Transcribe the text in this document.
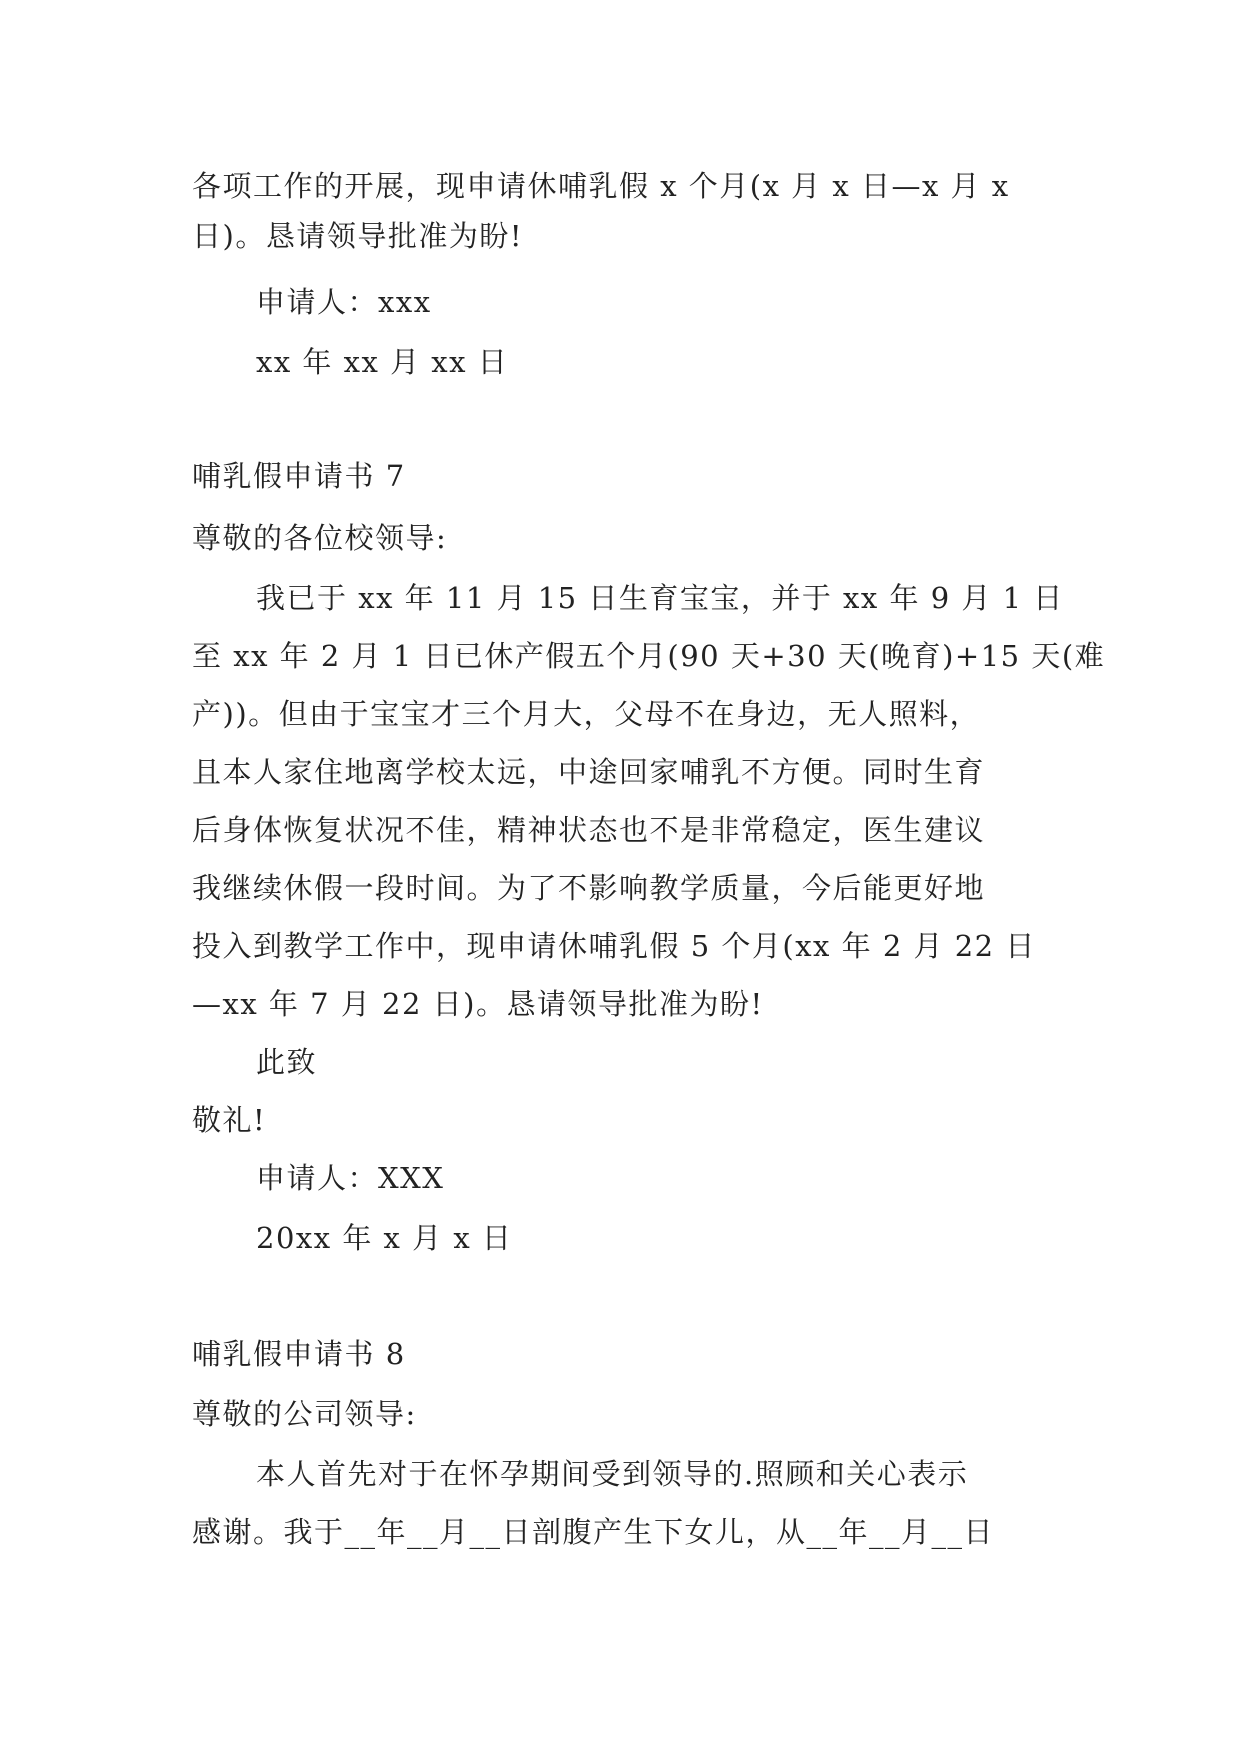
各项工作的开展，现申请休哺乳假 x 个月(x 月 x 日—x 月 x
日)。恳请领导批准为盼!
申请人：xxx
xx 年 xx 月 xx 日
哺乳假申请书 7
尊敬的各位校领导:
我已于 xx 年 11 月 15 日生育宝宝，并于 xx 年 9 月 1 日
至 xx 年 2 月 1 日已休产假五个月(90 天+30 天(晚育)+15 天(难
产))。但由于宝宝才三个月大，父母不在身边，无人照料，
且本人家住地离学校太远，中途回家哺乳不方便。同时生育
后身体恢复状况不佳，精神状态也不是非常稳定，医生建议
我继续休假一段时间。为了不影响教学质量，今后能更好地
投入到教学工作中，现申请休哺乳假 5 个月(xx 年 2 月 22 日
—xx 年 7 月 22 日)。恳请领导批准为盼!
此致
敬礼!
申请人：XXX
20xx 年 x 月 x 日
哺乳假申请书 8
尊敬的公司领导:
本人首先对于在怀孕期间受到领导的.照顾和关心表示
感谢。我于__年__月__日剖腹产生下女儿，从__年__月__日
